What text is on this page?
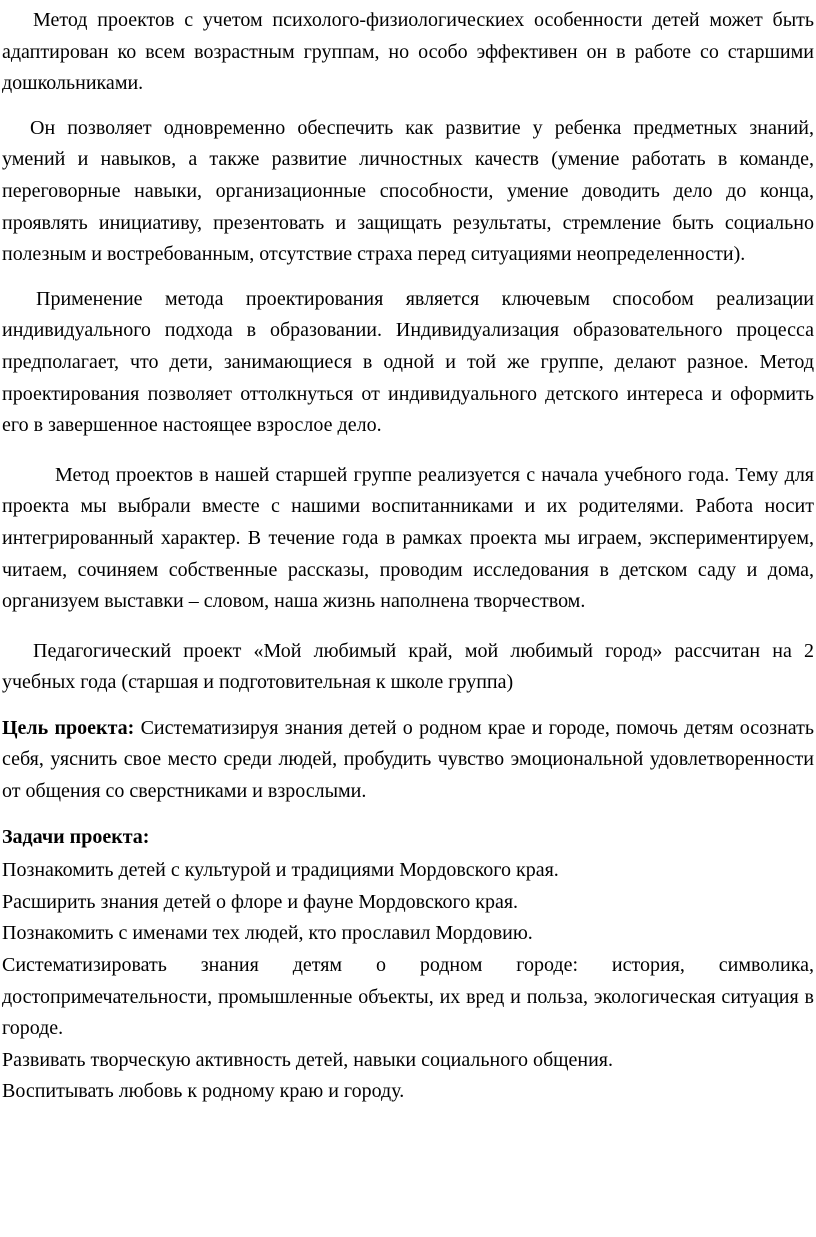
Метод проектов с учетом психолого-физиологическиех особенности детей может быть адаптирован ко всем возрастным группам, но особо эффективен он в работе со старшими дошкольниками.

Он позволяет одновременно обеспечить как развитие у ребенка предметных знаний, умений и навыков, а также развитие личностных качеств (умение работать в команде, переговорные навыки, организационные способности, умение доводить дело до конца, проявлять инициативу, презентовать и защищать результаты, стремление быть социально полезным и востребованным, отсутствие страха перед ситуациями неопределенности).

Применение метода проектирования является ключевым способом реализации индивидуального подхода в образовании. Индивидуализация образовательного процесса предполагает, что дети, занимающиеся в одной и той же группе, делают разное. Метод проектирования позволяет оттолкнуться от индивидуального детского интереса и оформить его в завершенное настоящее взрослое дело.

Метод проектов в нашей старшей группе реализуется с начала учебного года. Тему для проекта мы выбрали вместе с нашими воспитанниками и их родителями. Работа носит интегрированный характер. В течение года в рамках проекта мы играем, экспериментируем, читаем, сочиняем собственные рассказы, проводим исследования в детском саду и дома, организуем выставки – словом, наша жизнь наполнена творчеством.

Педагогический проект «Мой любимый край, мой любимый город» рассчитан на 2 учебных года (старшая и подготовительная к школе группа)

Цель проекта: Систематизируя знания детей о родном крае и городе, помочь детям осознать себя, уяснить свое место среди людей, пробудить чувство эмоциональной удовлетворенности от общения со сверстниками и взрослыми.

Задачи проекта:

Познакомить детей с культурой и традициями Мордовского края.

Расширить знания детей о флоре и фауне Мордовского края.

Познакомить с именами тех людей, кто прославил Мордовию.

Систематизировать знания детям о родном городе: история, символика, достопримечательности, промышленные объекты, их вред и польза, экологическая ситуация в городе.

Развивать творческую активность детей, навыки социального общения.

Воспитывать любовь к родному краю и городу.
